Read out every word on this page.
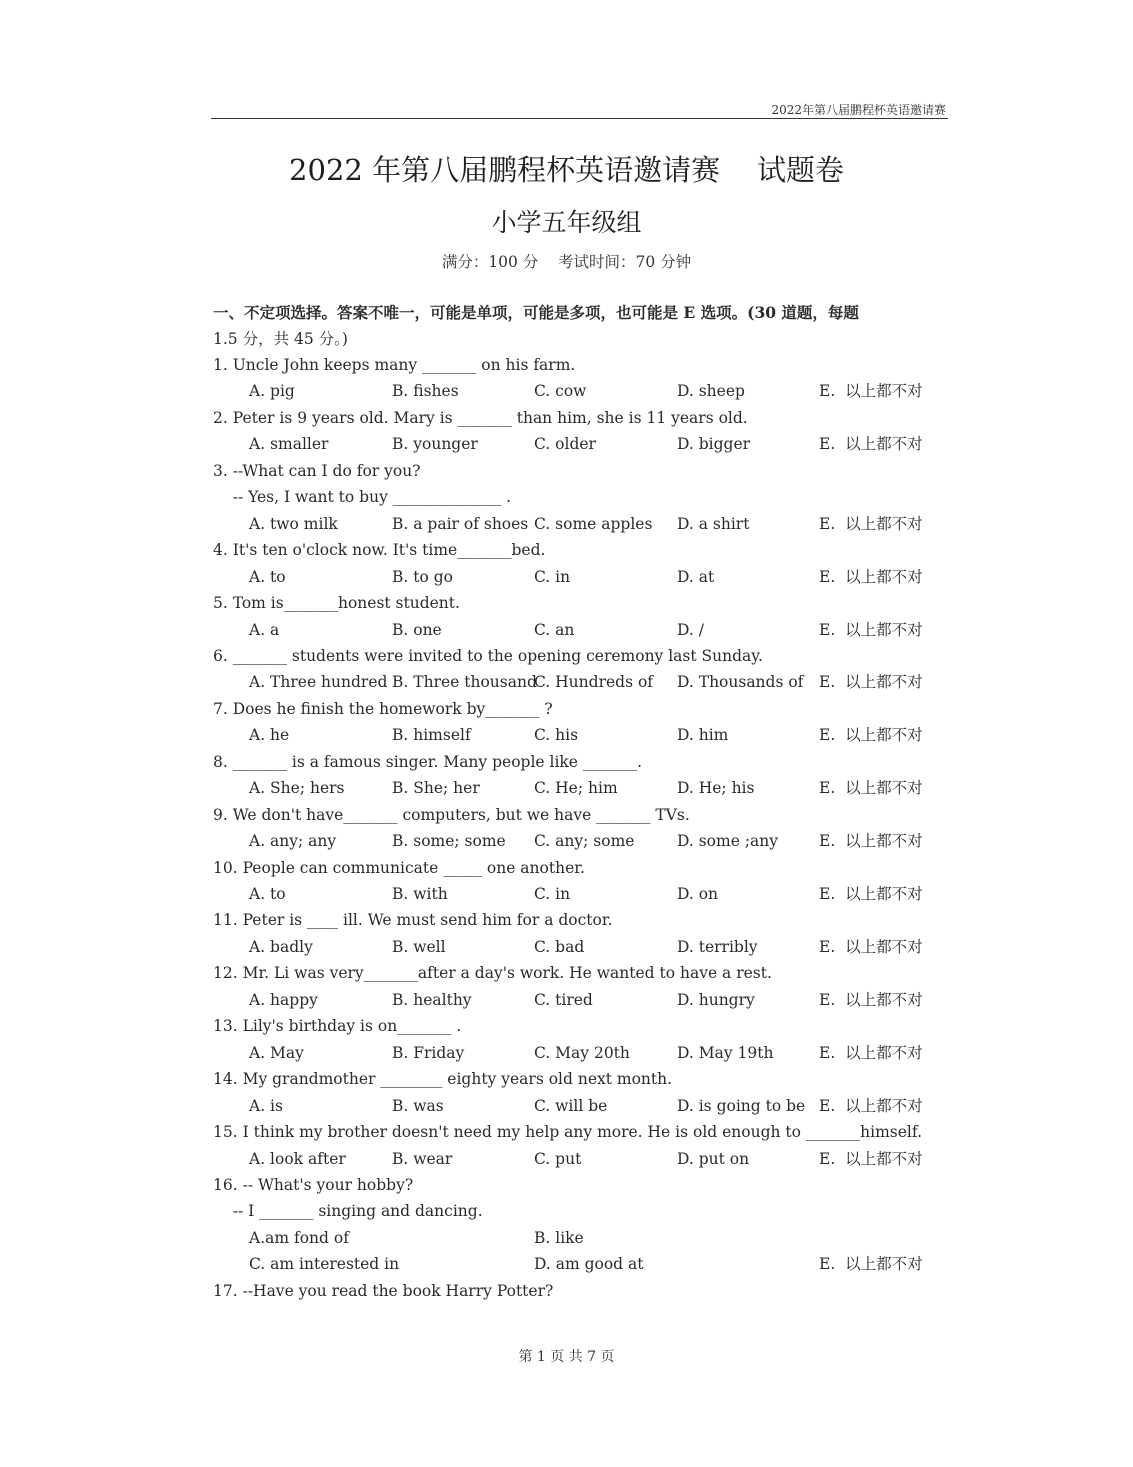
2022年第八届鹏程杯英语邀请赛
2022 年第八届鹏程杯英语邀请赛    试题卷
小学五年级组
满分：100 分    考试时间：70 分钟
一、不定项选择。答案不唯一，可能是单项，可能是多项，也可能是 E 选项。(30 道题，每题
1.5 分，共 45 分。)
1. Uncle John keeps many _______ on his farm.
A. pig	B. fishes	C. cow	D. sheep	E.  以上都不对
2. Peter is 9 years old. Mary is _______ than him, she is 11 years old.
A. smaller	B. younger	C. older	D. bigger	E.  以上都不对
3. --What can I do for you?
-- Yes, I want to buy ______________ .
A. two milk	B. a pair of shoes C. some apples D. a shirt	E.  以上都不对
4. It's ten o'clock now. It's time_______bed.
A. to	B. to go	C. in	D. at	E.  以上都不对
5. Tom is_______honest student.
A. a	B. one	C. an	D. /	E.  以上都不对
6. _______ students were invited to the opening ceremony last Sunday.
A. Three hundred B. Three thousand
C. Hundreds of D. Thousands of E.  以上都不对
7. Does he finish the homework by_______ ?
A. he	B. himself	C. his	D. him	E.  以上都不对
8. _______ is a famous singer. Many people like _______.
A. She; hers	B. She; her	C. He; him	D. He; his	E.  以上都不对
9. We don't have_______ computers, but we have _______ TVs.
A. any; any	B. some; some C. any; some	D. some ;any	E.  以上都不对
10. People can communicate _____ one another.
A. to	B. with	C. in	D. on	E.  以上都不对
11. Peter is ____ ill. We must send him for a doctor.
A. badly	B. well	C. bad	D. terribly	E.  以上都不对
12. Mr. Li was very_______after a day's work. He wanted to have a rest.
A. happy	B. healthy	C. tired	D. hungry	E.  以上都不对
13. Lily's birthday is on_______ .
A. May	B. Friday	C. May 20th	D. May 19th	E.  以上都不对
14. My grandmother ________ eighty years old next month.
A. is	B. was	C. will be	D. is going to be E.  以上都不对
15. I think my brother doesn't need my help any more. He is old enough to _______himself.
A. look after	B. wear	C. put	D. put on	E.  以上都不对
16. -- What's your hobby?
-- I _______ singing and dancing.
A.am fond of	B. like
C. am interested in	D. am good at	E.  以上都不对
17. --Have you read the book Harry Potter?
第 1 页 共 7 页
